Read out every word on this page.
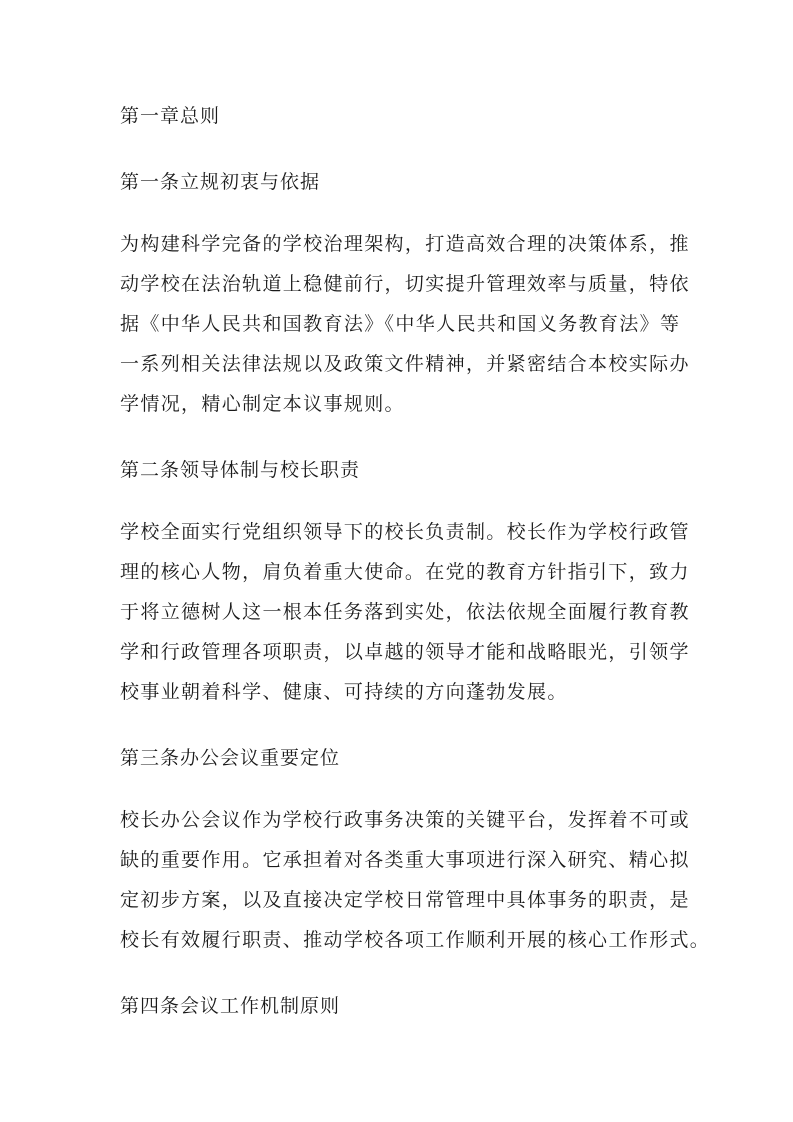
第一章总则
第一条立规初衷与依据
为构建科学完备的学校治理架构，打造高效合理的决策体系，推
动学校在法治轨道上稳健前行，切实提升管理效率与质量，特依
据《中华人民共和国教育法》《中华人民共和国义务教育法》等
一系列相关法律法规以及政策文件精神，并紧密结合本校实际办
学情况，精心制定本议事规则。
第二条领导体制与校长职责
学校全面实行党组织领导下的校长负责制。校长作为学校行政管
理的核心人物，肩负着重大使命。在党的教育方针指引下，致力
于将立德树人这一根本任务落到实处，依法依规全面履行教育教
学和行政管理各项职责，以卓越的领导才能和战略眼光，引领学
校事业朝着科学、健康、可持续的方向蓬勃发展。
第三条办公会议重要定位
校长办公会议作为学校行政事务决策的关键平台，发挥着不可或
缺的重要作用。它承担着对各类重大事项进行深入研究、精心拟
定初步方案，以及直接决定学校日常管理中具体事务的职责，是
校长有效履行职责、推动学校各项工作顺利开展的核心工作形式。
第四条会议工作机制原则
